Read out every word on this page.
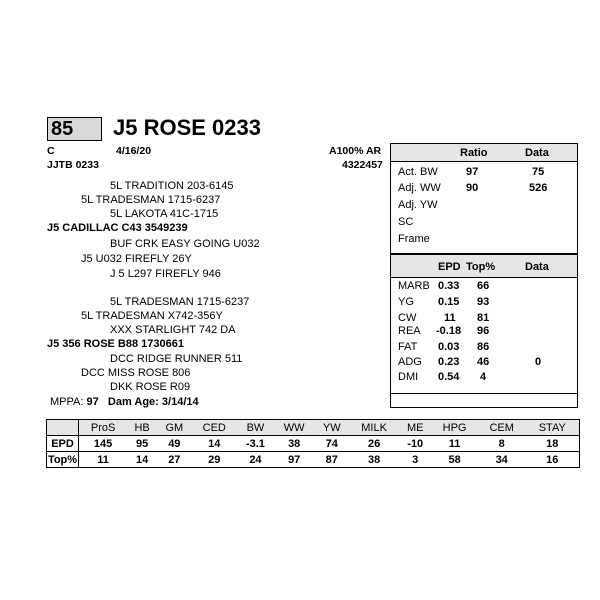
85	J5 ROSE 0233
C	4/16/20	A100% AR
JJTB 0233	4322457
5L TRADITION 203-6145
5L TRADESMAN 1715-6237
5L LAKOTA 41C-1715
J5 CADILLAC C43 3549239
BUF CRK EASY GOING U032
J5 U032 FIREFLY 26Y
J 5 L297 FIREFLY 946
5L TRADESMAN 1715-6237
5L TRADESMAN X742-356Y
XXX STARLIGHT 742 DA
J5 356 ROSE B88 1730661
DCC RIDGE RUNNER 511
DCC MISS ROSE 806
DKK ROSE R09
MPPA: 97 Dam Age: 3/14/14
Ratio	Data
Act. BW	97	75
Adj. WW 90	526
Adj. YW
SC
Frame
EPD Top%	Data
MARB 0.33 66
YG 0.15 93
CW	11 81
REA -0.18 96
FAT 0.03 86
ADG 0.23 46	0
DMI 0.54 4
	ProS	HB	GM	CED	BW	WW	YW	MILK	ME	HPG	CEM	STAY
EPD	145	95	49	14	-3.1	38	74	26	-10	11	8	18
Top%	11	14	27	29	24	97	87	38	3	58	34	16
